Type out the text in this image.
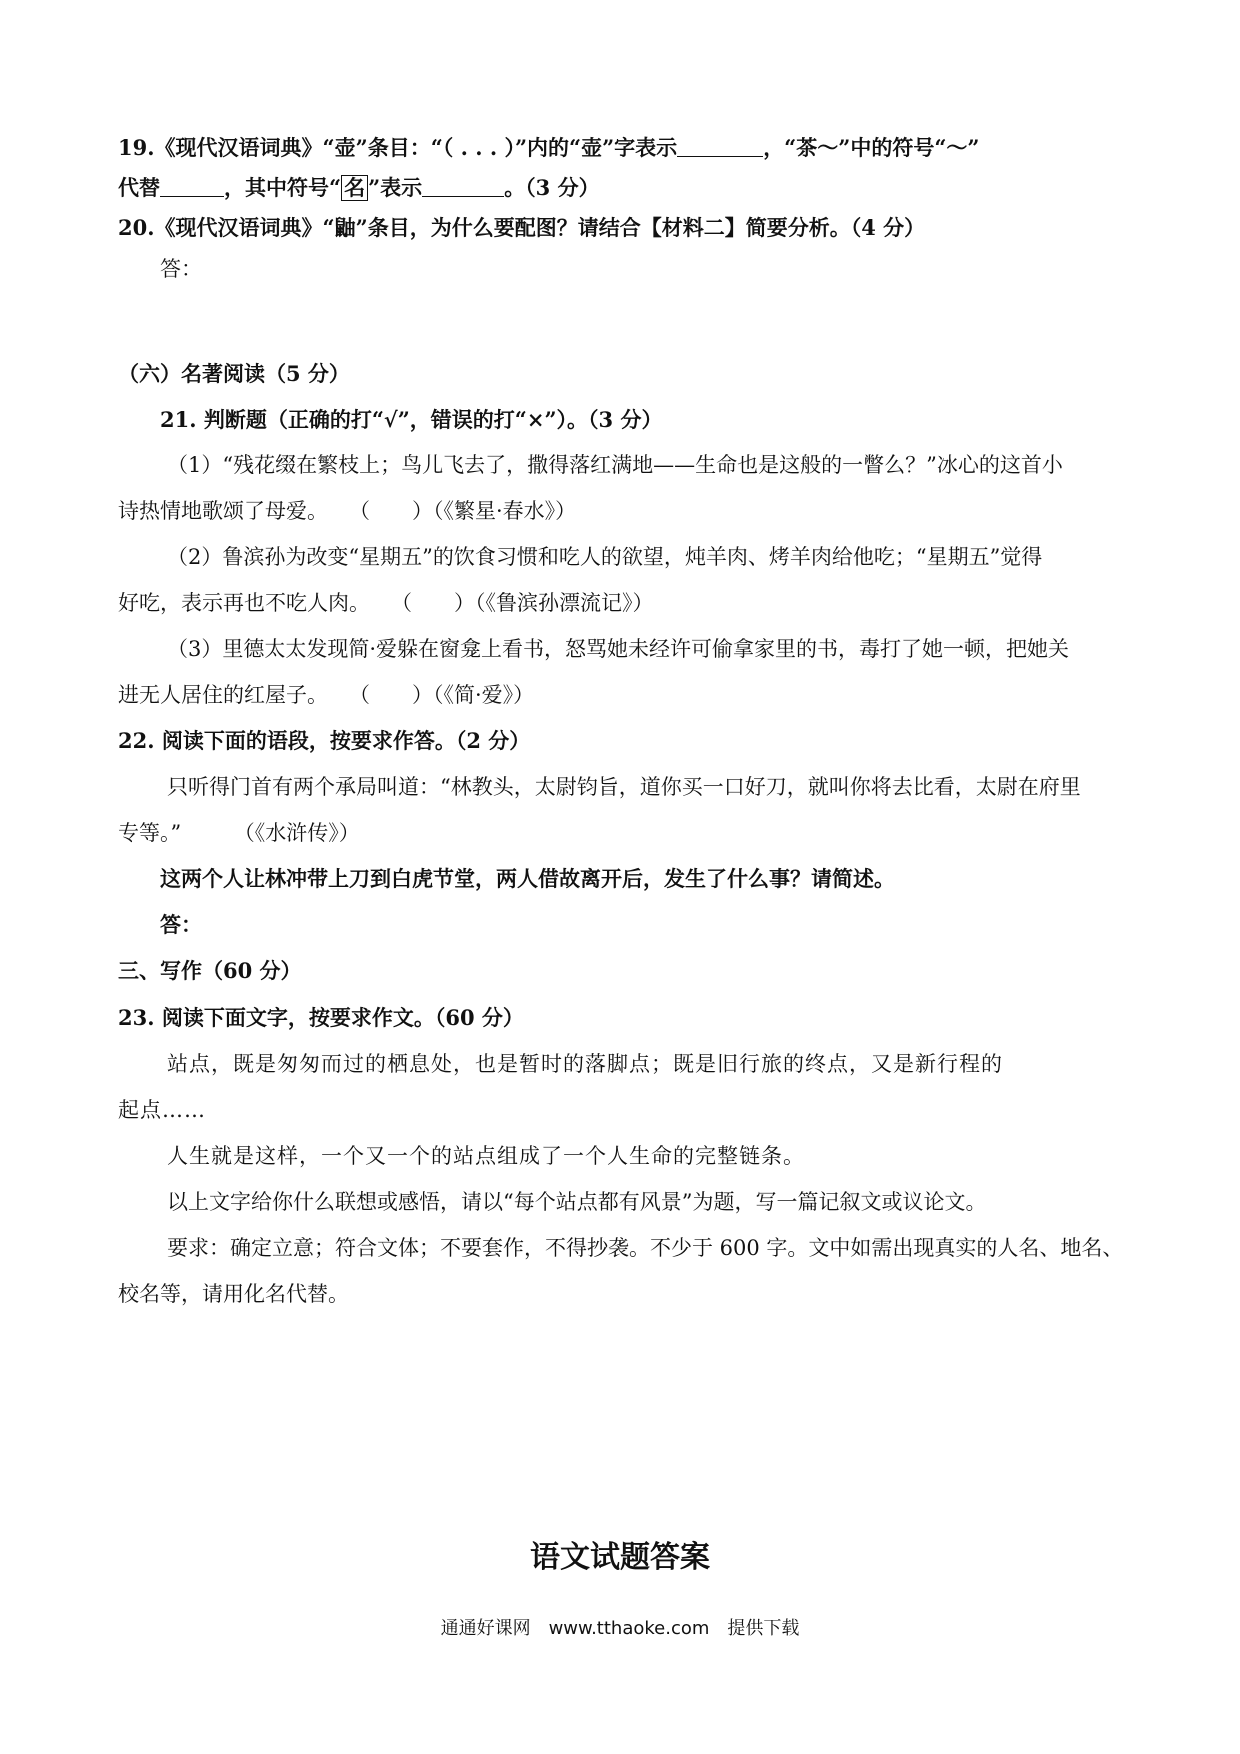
19.《现代汉语词典》“壶”条目：“（ . . . ）”内的“壶”字表示	，“茶～”中的符号“～”
代替	，其中符号“ 名 ”表示	。（3 分）
20.《现代汉语词典》“鼬”条目，为什么要配图？请结合【材料二】简要分析。（4 分）
答：
（六）名著阅读（5 分）
21. 判断题（正确的打“√”，错误的打“×”）。（3 分）
（1）“残花缀在繁枝上；鸟儿飞去了，撒得落红满地——生命也是这般的一瞥么？”冰心的这首小
诗热情地歌颂了母爱。　　（　　）（《繁星·春水》）
（2）鲁滨孙为改变“星期五”的饮食习惯和吃人的欲望，炖羊肉、烤羊肉给他吃；“星期五”觉得
好吃，表示再也不吃人肉。　　（　　）（《鲁滨孙漂流记》）
（3）里德太太发现简·爱躲在窗龛上看书，怒骂她未经许可偷拿家里的书，毒打了她一顿，把她关
进无人居住的红屋子。　　（　　）（《简·爱》）
22. 阅读下面的语段，按要求作答。（2 分）
只听得门首有两个承局叫道：“林教头，太尉钧旨，道你买一口好刀，就叫你将去比看，太尉在府里
专等。”　　　（《水浒传》）
这两个人让林冲带上刀到白虎节堂，两人借故离开后，发生了什么事？请简述。
答：
三、写作（60 分）
23. 阅读下面文字，按要求作文。（60 分）
站点，既是匆匆而过的栖息处，也是暂时的落脚点；既是旧行旅的终点，又是新行程的
起点……
人生就是这样，一个又一个的站点组成了一个人生命的完整链条。
以上文字给你什么联想或感悟，请以“每个站点都有风景”为题，写一篇记叙文或议论文。
要求：确定立意；符合文体；不要套作，不得抄袭。不少于 600 字。文中如需出现真实的人名、地名、
校名等，请用化名代替。
语文试题答案
通通好课网　www.tthaoke.com　提供下载
